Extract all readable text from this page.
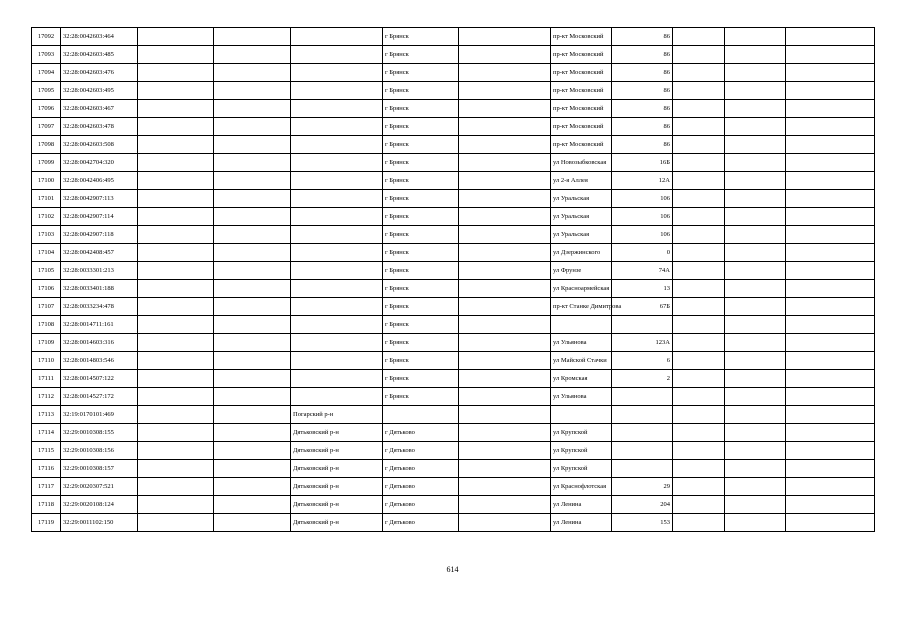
17092	32:28:0042603:464				г Брянск		пр-кт Московский	86			
17093	32:28:0042603:485				г Брянск		пр-кт Московский	86			
17094	32:28:0042603:476				г Брянск		пр-кт Московский	86			
17095	32:28:0042603:495				г Брянск		пр-кт Московский	86			
17096	32:28:0042603:467				г Брянск		пр-кт Московский	86			
17097	32:28:0042603:478				г Брянск		пр-кт Московский	86			
17098	32:28:0042603:508				г Брянск		пр-кт Московский	86			
17099	32:28:0042704:320				г Брянск		ул Новозыбковская	16Б			
17100	32:28:0042406:495				г Брянск		ул 2-я Аллея	12А			
17101	32:28:0042907:113				г Брянск		ул Уральская	106			
17102	32:28:0042907:114				г Брянск		ул Уральская	106			
17103	32:28:0042907:118				г Брянск		ул Уральская	106			
17104	32:28:0042408:457				г Брянск		ул Дзержинского	0			
17105	32:28:0033301:213				г Брянск		ул Фрунзе	74А			
17106	32:28:0033401:188				г Брянск		ул Красноармейская	13			
17107	32:28:0033234:478				г Брянск		пр-кт Станке Димитрова	67Б			
17108	32:28:0014711:161				г Брянск						
17109	32:28:0014603:316				г Брянск		ул Ульянова	123А			
17110	32:28:0014803:546				г Брянск		ул Майской Стачки	6			
17111	32:28:0014507:122				г Брянск		ул Кромская	2			
17112	32:28:0014527:172				г Брянск		ул Ульянова				
17113	32:19:0170101:469			Погарский р-н							
17114	32:29:0010308:155			Дятьковский р-н	г Дятьково		ул Крупской				
17115	32:29:0010308:156			Дятьковский р-н	г Дятьково		ул Крупской				
17116	32:29:0010308:157			Дятьковский р-н	г Дятьково		ул Крупской				
17117	32:29:0020307:521			Дятьковский р-н	г Дятьково		ул Краснофлотская	29			
17118	32:29:0020108:124			Дятьковский р-н	г Дятьково		ул Ленина	204			
17119	32:29:0011102:150			Дятьковский р-н	г Дятьково		ул Ленина	153			
614
